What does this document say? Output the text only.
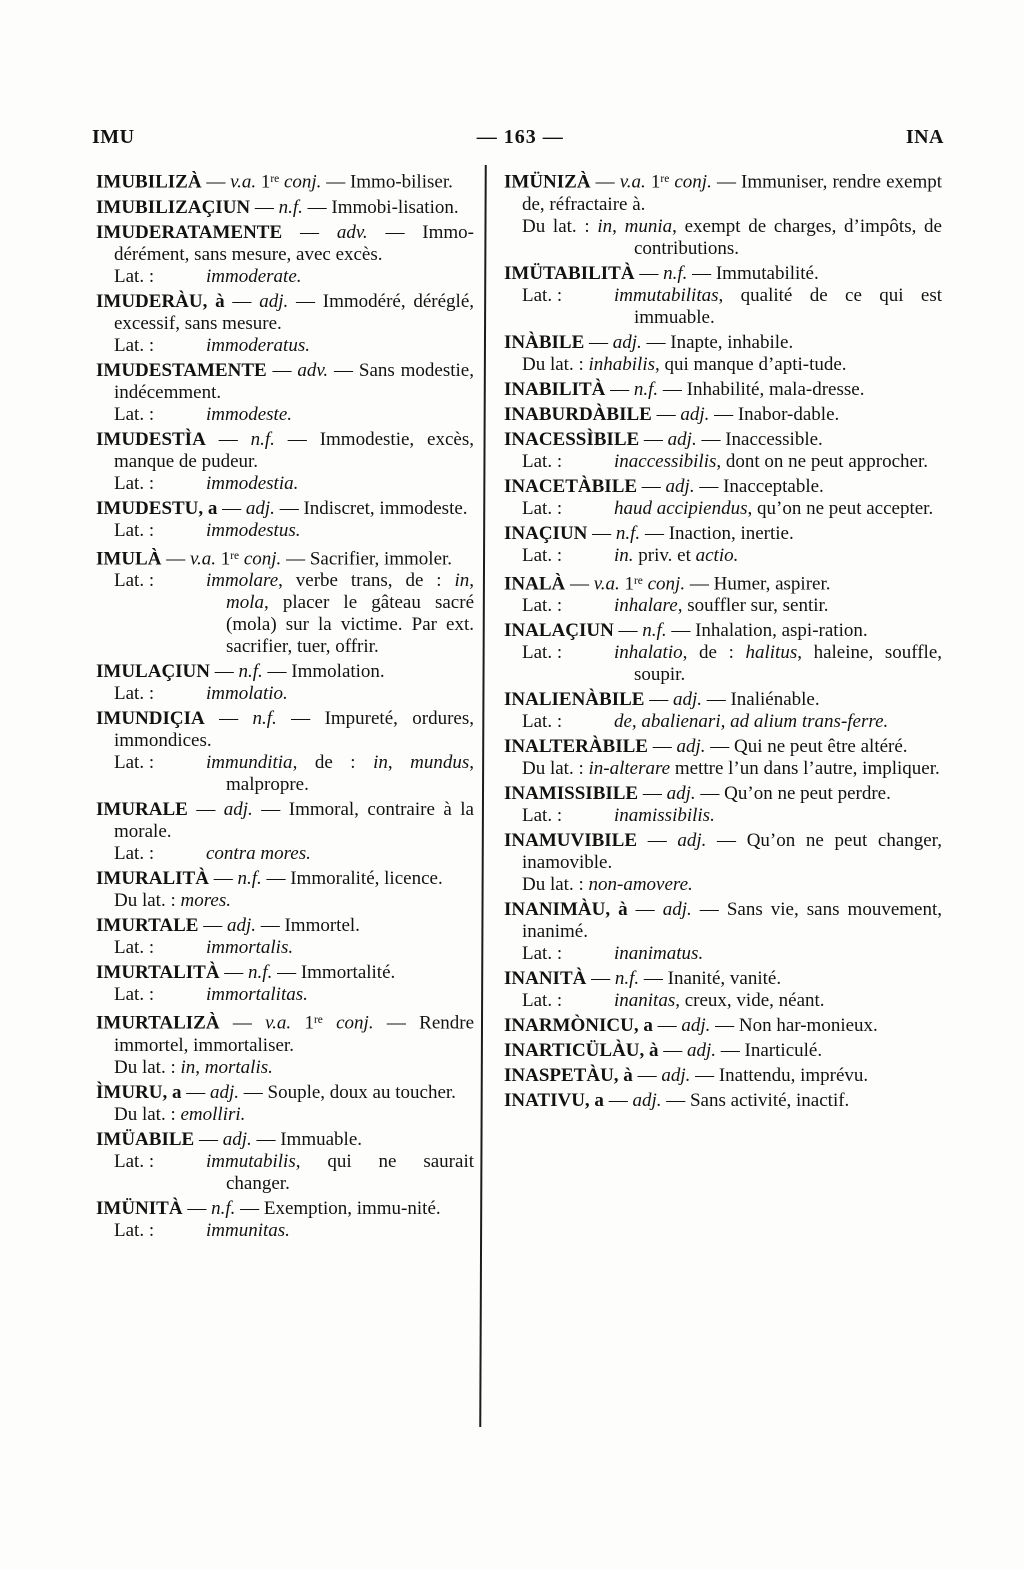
IMU	— 163 —	INA

IMUBILIZÀ — v.a. 1re conj. — Immo-biliser.

IMUBILIZAÇIUN — n.f. — Immobi-lisation.

IMUDERATAMENTE — adv. — Immo-dérément, sans mesure, avec excès.

Lat. :	immoderate.

IMUDERÀU, à — adj. — Immodéré, déréglé, excessif, sans mesure.

Lat. :	immoderatus.

IMUDESTAMENTE — adv. — Sans modestie, indécemment.

Lat. :	immodeste.

IMUDESTÌA — n.f. — Immodestie, excès, manque de pudeur.

Lat. :	immodestia.

IMUDESTU, a — adj. — Indiscret, immodeste.

Lat. :	immodestus.

IMULÀ — v.a. 1re conj. — Sacrifier, immoler.

Lat. :	immolare, verbe trans, de : in, mola, placer le gâteau sacré (mola) sur la victime. Par ext. sacrifier, tuer, offrir.

IMULAÇIUN — n.f. — Immolation.

Lat. :	immolatio.

IMUNDIÇIA — n.f. — Impureté, ordures, immondices.

Lat. :	immunditia, de : in, mundus, malpropre.

IMURALE — adj. — Immoral, contraire à la morale.

Lat. :	contra mores.

IMURALITÀ — n.f. — Immoralité, licence.

Du lat. : mores.

IMURTALE — adj. — Immortel.

Lat. :	immortalis.

IMURTALITÀ — n.f. — Immortalité.

Lat. :	immortalitas.

IMURTALIZÀ — v.a. 1re conj. — Rendre immortel, immortaliser.

Du lat. : in, mortalis.

ÌMURU, a — adj. — Souple, doux au toucher.

Du lat. : emolliri.

IMÜABILE — adj. — Immuable.

Lat. :	immutabilis, qui ne saurait changer.

IMÜNITÀ — n.f. — Exemption, immu-nité.

Lat. :	immunitas.

IMÜNIZÀ — v.a. 1re conj. — Immuniser, rendre exempt de, réfractaire à.

Du lat. : in, munia, exempt de charges, d’impôts, de contributions.

IMÜTABILITÀ — n.f. — Immutabilité.

Lat. :	immutabilitas, qualité de ce qui est immuable.

INÀBILE — adj. — Inapte, inhabile.

Du lat. : inhabilis, qui manque d’apti-tude.

INABILITÀ — n.f. — Inhabilité, mala-dresse.

INABURDÀBILE — adj. — Inabor-dable.

INACESSÌBILE — adj. — Inaccessible.

Lat. :	inaccessibilis, dont on ne peut approcher.

INACETÀBILE — adj. — Inacceptable.

Lat. :	haud accipiendus, qu’on ne peut accepter.

INAÇIUN — n.f. — Inaction, inertie.

Lat. :	in. priv. et actio.

INALÀ — v.a. 1re conj. — Humer, aspirer.

Lat. :	inhalare, souffler sur, sentir.

INALAÇIUN — n.f. — Inhalation, aspi-ration.

Lat. :	inhalatio, de : halitus, haleine, souffle, soupir.

INALIENÀBILE — adj. — Inaliénable.

Lat. :	de, abalienari, ad alium trans-ferre.

INALTERÀBILE — adj. — Qui ne peut être altéré.

Du lat. : in-alterare mettre l’un dans l’autre, impliquer.

INAMISSIBILE — adj. — Qu’on ne peut perdre.

Lat. :	inamissibilis.

INAMUVIBILE — adj. — Qu’on ne peut changer, inamovible.

Du lat. : non-amovere.

INANIMÀU, à — adj. — Sans vie, sans mouvement, inanimé.

Lat. :	inanimatus.

INANITÀ — n.f. — Inanité, vanité.

Lat. :	inanitas, creux, vide, néant.

INARMÒNICU, a — adj. — Non har-monieux.

INARTICÜLÀU, à — adj. — Inarticulé.

INASPETÀU, à — adj. — Inattendu, imprévu.

INATIVU, a — adj. — Sans activité, inactif.
